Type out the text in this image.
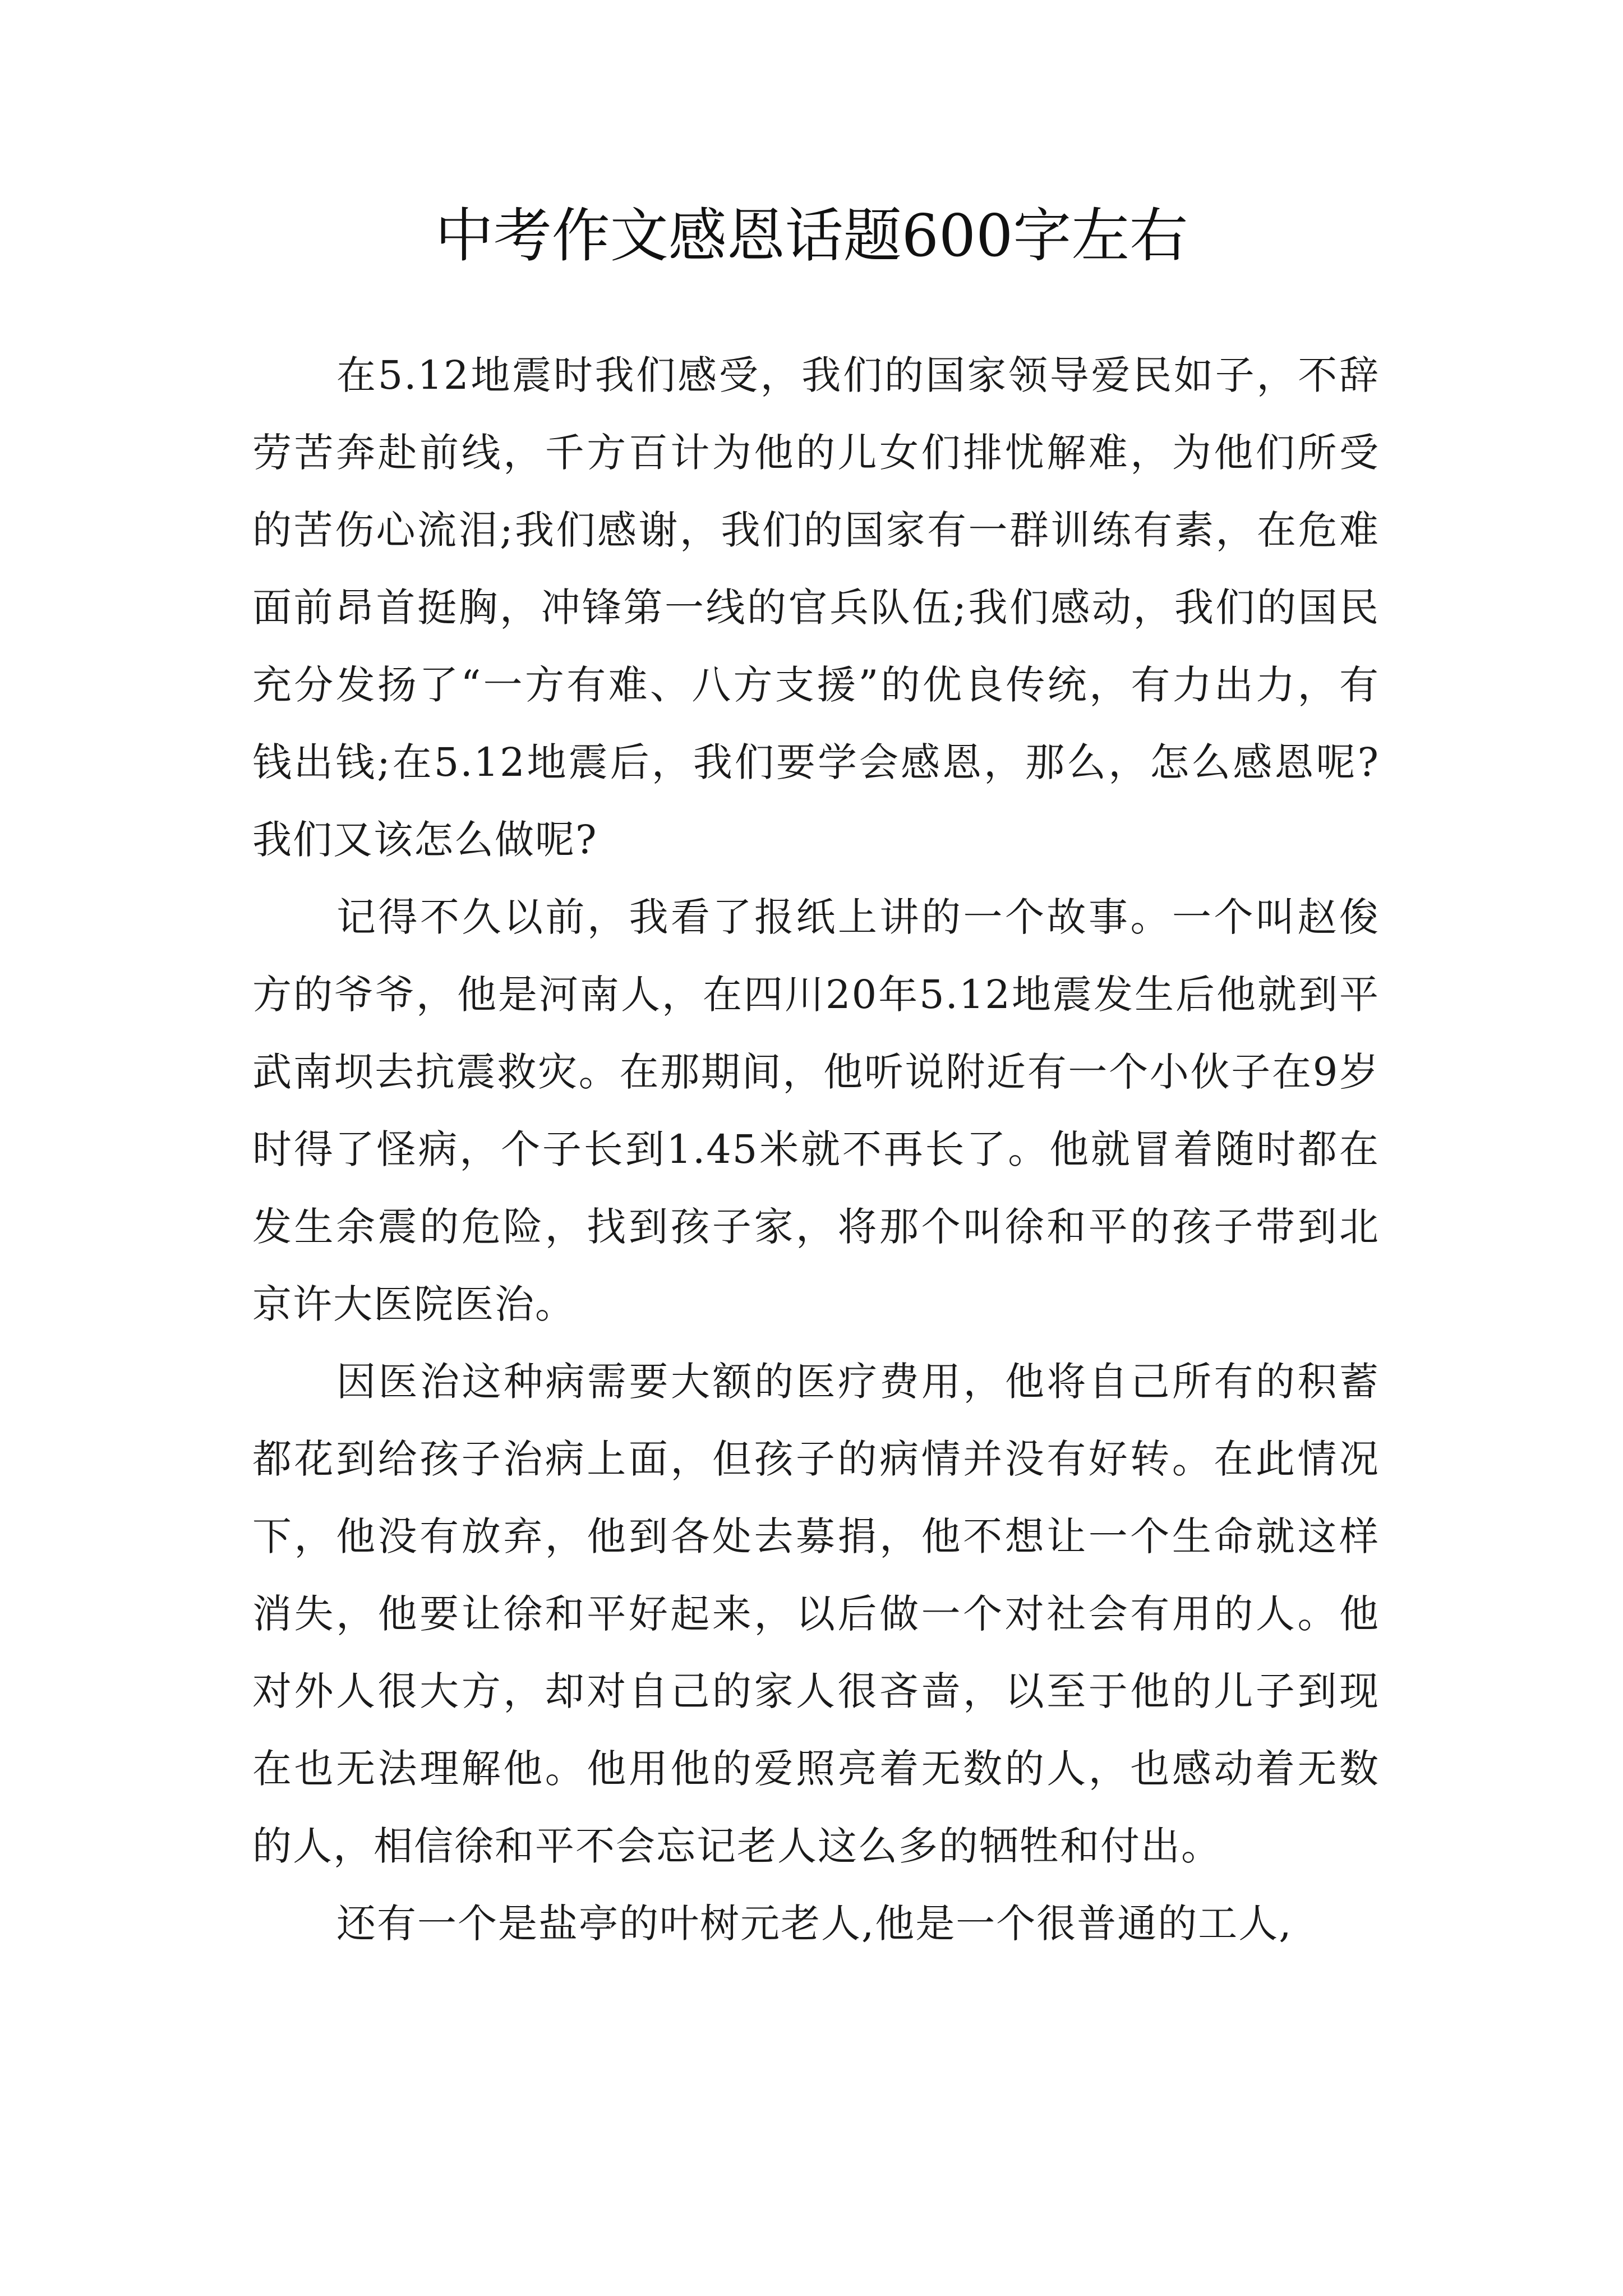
中考作文感恩话题600字左右

在5.12地震时我们感受，我们的国家领导爱民如子，不辞劳苦奔赴前线，千方百计为他的儿女们排忧解难，为他们所受的苦伤心流泪;我们感谢，我们的国家有一群训练有素，在危难面前昂首挺胸，冲锋第一线的官兵队伍;我们感动，我们的国民充分发扬了“一方有难、八方支援”的优良传统，有力出力，有钱出钱;在5.12地震后，我们要学会感恩，那么，怎么感恩呢?我们又该怎么做呢?

记得不久以前，我看了报纸上讲的一个故事。一个叫赵俊方的爷爷，他是河南人，在四川20年5.12地震发生后他就到平武南坝去抗震救灾。在那期间，他听说附近有一个小伙子在9岁时得了怪病，个子长到1.45米就不再长了。他就冒着随时都在发生余震的危险，找到孩子家，将那个叫徐和平的孩子带到北京许大医院医治。

因医治这种病需要大额的医疗费用，他将自己所有的积蓄都花到给孩子治病上面，但孩子的病情并没有好转。在此情况下，他没有放弃，他到各处去募捐，他不想让一个生命就这样消失，他要让徐和平好起来，以后做一个对社会有用的人。他对外人很大方，却对自己的家人很吝啬，以至于他的儿子到现在也无法理解他。他用他的爱照亮着无数的人，也感动着无数的人，相信徐和平不会忘记老人这么多的牺牲和付出。

还有一个是盐亭的叶树元老人,他是一个很普通的工人,
